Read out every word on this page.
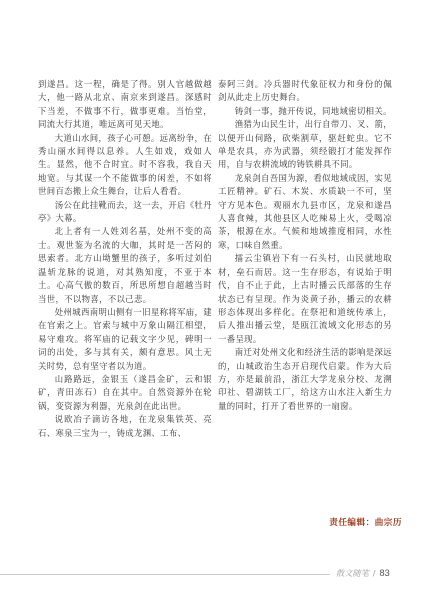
到遂昌。这一程，确是了得。别人官越做越大，他一路从北京、南京来到遂昌。深感时下当差，不做事不行，做事更难。当怡堂，同流大行其道，唯远离可见天地。

大道山水间，孩子心可憩。远离纷争，在秀山丽水间得以息养。人生如戏，戏如人生。显然，他不合时宜。时不容我，我自天地宽。与其谋一个不能做事的闲差，不如将世间百态搬上众生舞台，让后人看看。

汤公在此挂靴而去，这一去，开启《牡丹亭》大幕。

北上者有一人姓刘名基，处州不变的高士。观世鉴为名流的大咖，其时是一苦闷的思索者。北方山坳蟹里的孩子，多听过刘伯温斩龙脉的说道，对其熟知度，不亚于本土。心高气傲的数百，所思所想自超越当时当世，不以物喜，不以己悲。

处州城西南明山侧有一旧星称将军庙，建在官索之上。官索与城中万象山隔江相望，易守难攻。将军庙的记载文字少见，碑明一词的出处，多与其有关，颇有意思。风土无关时势，总有坚守者以为道。

山路路远，金银玉（遂昌金矿，云和银矿，青田冻石）自在其中。自然资源外在轮锅，变资源为利器，光泉剑在此出世。

说欧冶子滴访各地，在龙泉集铁英、亮石、寒泉三宝为一，铸成龙渊、工布、

泰阿三剑。冷兵器时代象征权力和身份的佩剑从此走上历史舞台。

铸剑一事，抛开传说，同地域密切相关。

渔猎为山民生计，出行自带刀、叉、箭，以便开山伺路，砍柴割草，驱赶蛇虫。它不单是农具，亦为武器，须经锻打才能发挥作用，自与农耕流域的铸铁耕具不同。

龙泉剑自吾国为源，看似地域成因，实见工匠精神。矿石、木炭、水质缺一不可，坚守方见本色。观丽水九县市区，龙泉和遂昌人喜食辣，其他县区人吃辣易上火，受喝凉茶，根源在水。气候和地域推度相同，水性寒，口味自然重。

擂云尘镇岩下有一石头村，山民就地取材，垒石而居。这一生存形态，有说始于明代，自不止于此，上古时播云氏部落的生存状态已有呈现。作为炎黄子孙，播云的农耕形态体现出多样化。在祭祀和道统传承上，后人推出播云堂，是瓯江流域文化形态的另一番呈现。

南迁对处州文化和经济生活的影响是深远的，山城政治生态开启现代启蒙。作为大后方，亦是最前沿，浙江大学龙泉分校、龙溯印社、碧湖铁工厂，给这方山水注入新生力量的同时，打开了看世界的一扇窗。

责任编辑：曲宗历
散文随笔 / 83
